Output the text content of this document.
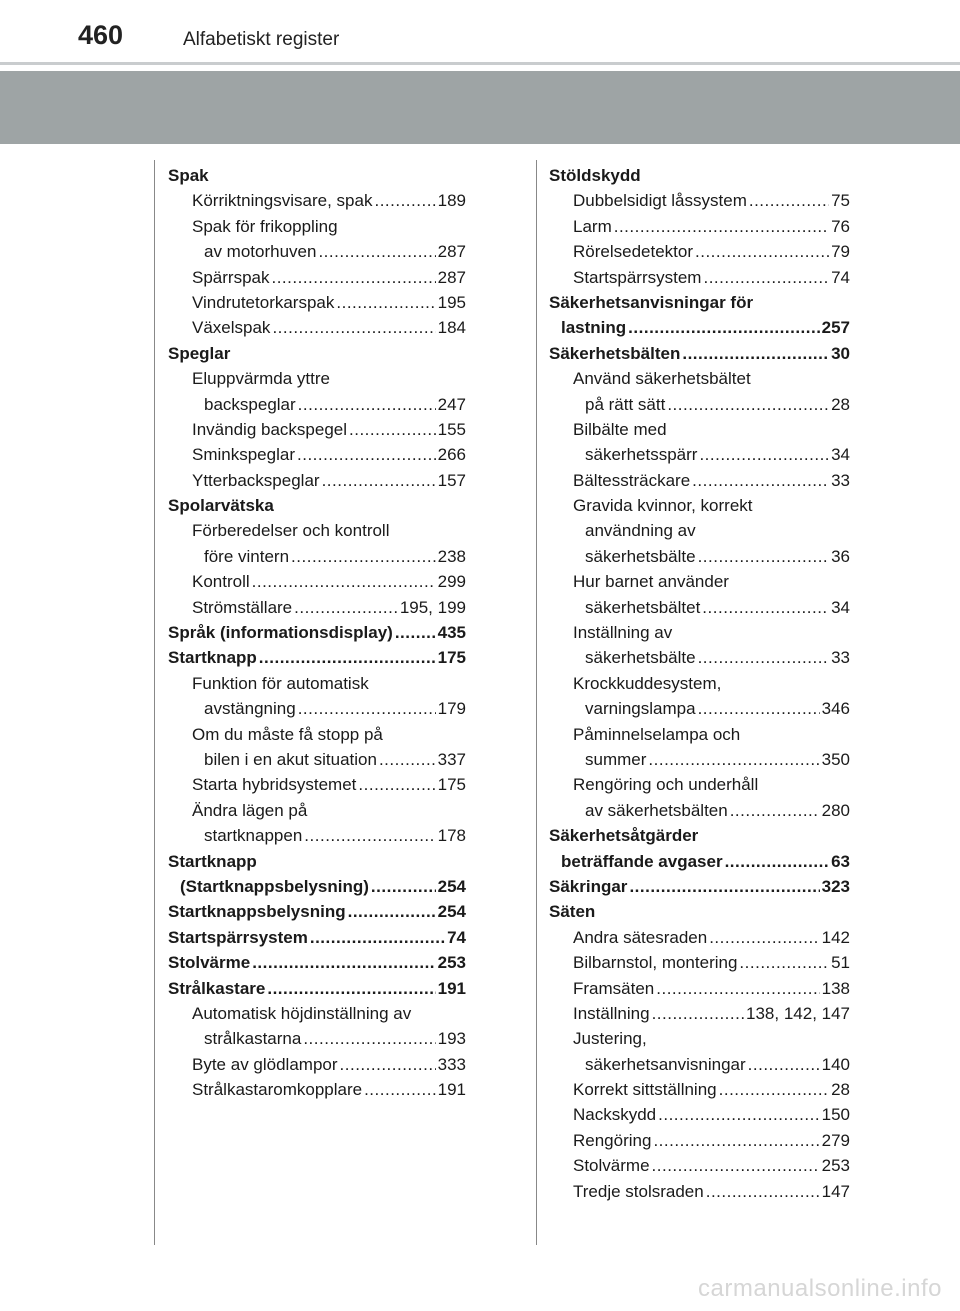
460	Alfabetiskt register
Spak
Körriktningsvisare, spak .....	189
Spak för frikoppling
av motorhuven .....	287
Spärrspak .....	287
Vindrutetorkarspak .....	195
Växelspak .....	184
Speglar
Eluppvärmda yttre
backspeglar .....	247
Invändig backspegel .....	155
Sminkspeglar .....	266
Ytterbackspeglar .....	157
Spolarvätska
Förberedelser och kontroll
före vintern .....	238
Kontroll .....	299
Strömställare .....	195, 199
Språk (informationsdisplay) .....	435
Startknapp .....	175
Funktion för automatisk
avstängning .....	179
Om du måste få stopp på
bilen i en akut situation .....	337
Starta hybridsystemet .....	175
Ändra lägen på
startknappen .....	178
Startknapp
(Startknappsbelysning) .....	254
Startknappsbelysning .....	254
Startspärrsystem .....	74
Stolvärme .....	253
Strålkastare .....	191
Automatisk höjdinställning av
strålkastarna .....	193
Byte av glödlampor .....	333
Strålkastaromkopplare .....	191
Stöldskydd
Dubbelsidigt låssystem .....	75
Larm .....	76
Rörelsedetektor .....	79
Startspärrsystem .....	74
Säkerhetsanvisningar för
lastning .....	257
Säkerhetsbälten .....	30
Använd säkerhetsbältet
på rätt sätt .....	28
Bilbälte med
säkerhetsspärr .....	34
Bältessträckare .....	33
Gravida kvinnor, korrekt
användning av
säkerhetsbälte .....	36
Hur barnet använder
säkerhetsbältet .....	34
Inställning av
säkerhetsbälte .....	33
Krockkuddesystem,
varningslampa .....	346
Påminnelselampa och
summer .....	350
Rengöring och underhåll
av säkerhetsbälten .....	280
Säkerhetsåtgärder
beträffande avgaser .....	63
Säkringar .....	323
Säten
Andra sätesraden .....	142
Bilbarnstol, montering .....	51
Framsäten .....	138
Inställning .....	138, 142, 147
Justering,
säkerhetsanvisningar .....	140
Korrekt sittställning .....	28
Nackskydd .....	150
Rengöring .....	279
Stolvärme .....	253
Tredje stolsraden .....	147
carmanualsonline.info
